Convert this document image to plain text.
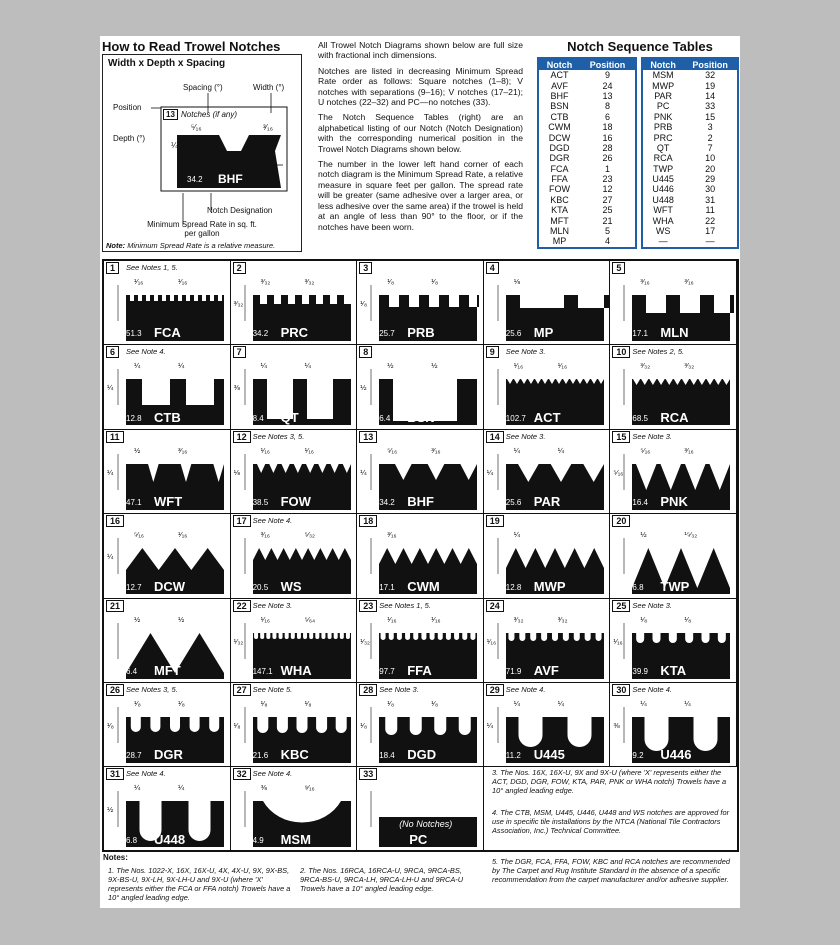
How to Read Trowel Notches
Width x Depth x Spacing
Spacing (°)	Width (°)
Position
Depth (°)
13 Notches (if any)
⁵⁄₁₆	³⁄₁₆
¼
34.2 BHF
Notch Designation
Minimum Spread Rate in sq. ft. per gallon
Note: Minimum Spread Rate is a relative measure.

All Trowel Notch Diagrams shown below are full size with fractional inch dimensions.

Notches are listed in decreasing Minimum Spread Rate order as follows: Square notches (1–8); V notches with separations (9–16); V notches (17–21); U notches (22–32) and PC—no notches (33).

The Notch Sequence Tables (right) are an alphabetical listing of our Notch (Notch Designation) with the corresponding numerical position in the Trowel Notch Diagrams shown below.

The number in the lower left hand corner of each notch diagram is the Minimum Spread Rate, a relative measure in square feet per gallon. The spread rate will be greater (same adhesive over a larger area, or less adhesive over the same area) if the trowel is held at an angle of less than 90° to the floor, or if the notches have been worn.

Notch Sequence Tables
Notch	Position
ACT	9
AVF	24
BHF	13
BSN	8
CTB	6
CWM	18
DCW	16
DGD	28
DGR	26
FCA	1
FFA	23
FOW	12
KBC	27
KTA	25
MFT	21
MLN	5
MP	4
Notch	Position
MSM	32
MWP	19
PAR	14
PC	33
PNK	15
PRB	3
PRC	2
QT	7
RCA	10
TWP	20
U445	29
U446	30
U448	31
WFT	11
WHA	22
WS	17
—	—
1	See Notes 1, 5.
¹⁄₁₆	¹⁄₁₆
51.3 FCA
2
³⁄₃₂	³⁄₃₂
³⁄₃₂
34.2 PRC
3
¹⁄₈	¹⁄₈
¹⁄₈
25.7 PRB
4
⅛
25.6 MP
5
³⁄₁₆	³⁄₁₆
17.1 MLN
6	See Note 4.
¼	¼
¼
12.8 CTB
7
¼	¼
⅜
8.4 QT
8
½	½
½
6.4 BSN
9	See Note 3.
¹⁄₁₆	¹⁄₁₆
102.7 ACT
10 See Notes 2, 5.
³⁄₃₂	³⁄₃₂
68.5 RCA
11
½	³⁄₁₆
¼
47.1 WFT
12 See Notes 3, 5.
¹⁄₁₆	¹⁄₁₆
⅛
38.5 FOW
13
⁵⁄₁₆	³⁄₁₆
¼
34.2 BHF
14 See Note 3.
¼	¼
¼
25.6 PAR
15 See Note 3.
⁵⁄₁₆	³⁄₁₆
⁵⁄₁₆
16.4 PNK
16
⁵⁄₁₆	¹⁄₁₆
¼
12.7 DCW
17 See Note 4.
³⁄₁₆	⁵⁄₃₂
20.5 WS
18
³⁄₁₆
17.1 CWM
19
¼
12.8 MWP
20
½	¹⁵⁄₃₂
6.8 TWP
21
½	½
6.4 MFT
22 See Note 3.
¹⁄₁₆	⁵⁄₆₄
¹⁄₃₂
147.1 WHA
23 See Notes 1, 5.
¹⁄₁₆	¹⁄₁₆
¹⁄₃₂
97.7 FFA
24
³⁄₃₂	³⁄₃₂
¹⁄₁₆
71.9 AVF
25 See Note 3.
¹⁄₈	¹⁄₈
¹⁄₁₆
39.9 KTA
26 See Notes 3, 5.
¹⁄₈	¹⁄₈
¹⁄₈
28.7 DGR
27 See Note 5.
¹⁄₈	¹⁄₈
¹⁄₈
21.6 KBC
28 See Note 3.
¹⁄₈	¹⁄₈
¹⁄₈
18.4 DGD
29 See Note 4.
¼	¼
¼
11.2 U445
30 See Note 4.
¼	¼
⅜
9.2 U446
31 See Note 4.
¼	¼
½
6.8 U448
32 See Note 4.
⅜	⁹⁄₁₆
4.9 MSM
33
(No Notches)
PC
Notes:
1. The Nos. 1022-X, 16X, 16X-U, 4X, 4X-U, 9X, 9X-BS, 9X-BS-U, 9X-LH, 9X-LH-U and 9X-U (where 'X' represents either the FCA or FFA notch) Trowels have a 10° angled leading edge.
2. The Nos. 16RCA, 16RCA-U, 9RCA, 9RCA-BS, 9RCA-BS-U, 9RCA-LH, 9RCA-LH-U and 9RCA-U Trowels have a 10° angled leading edge.
3. The Nos. 16X, 16X-U, 9X and 9X-U (where 'X' represents either the ACT, DGD, DGR, FOW, KTA, PAR, PNK or WHA notch) Trowels have a 10° angled leading edge.
4. The CTB, MSM, U445, U446, U448 and WS notches are approved for use in specific tile installations by the NTCA (National Tile Contractors Association, Inc.) Technical Committee.
5. The DGR, FCA, FFA, FOW, KBC and RCA notches are recommended by The Carpet and Rug Institute Standard in the absence of a specific recommendation from the carpet manufacturer and/or adhesive supplier.
